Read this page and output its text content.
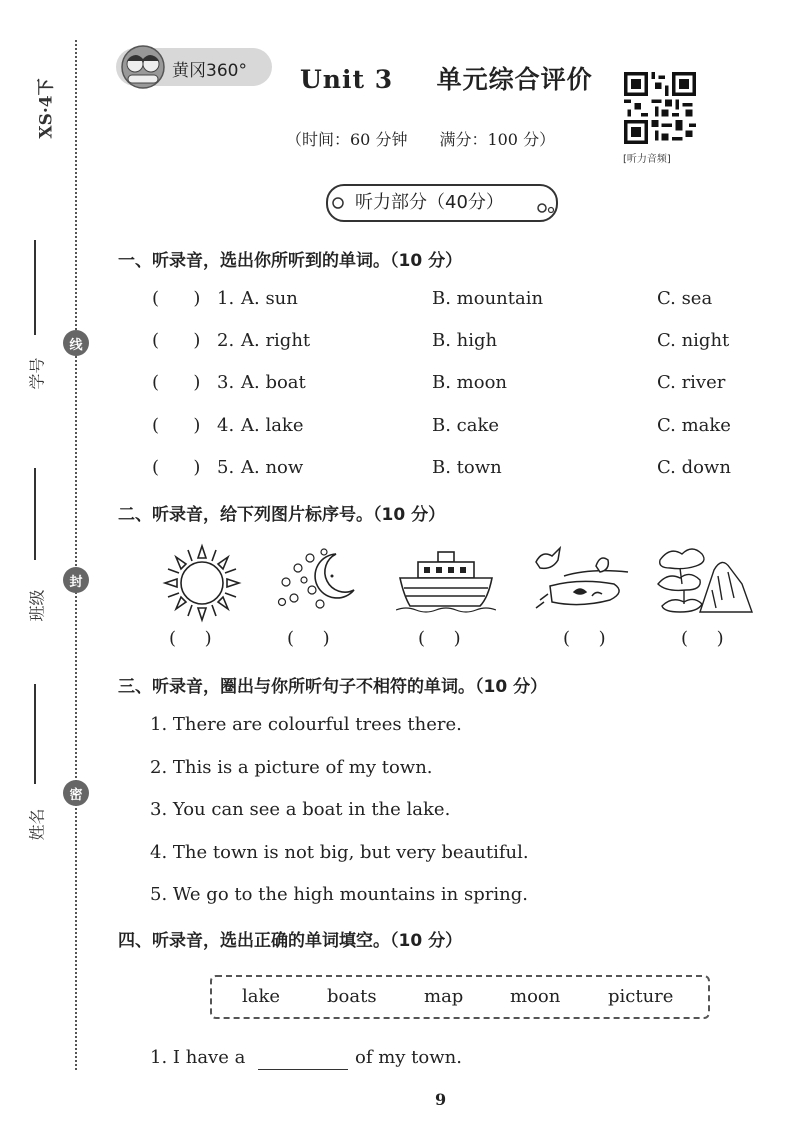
XS·4下
学号
线
班级
封
姓名
密
黄冈360° Unit 3 单元综合评价
（时间：60 分钟　　满分：100 分）
[听力音频]
听力部分（40分）
一、听录音，选出你所听到的单词。（10 分）
(      ) 1. A. sun	B. mountain	C. sea
(      ) 2. A. right	B. high	C. night
(      ) 3. A. boat	B. moon	C. river
(      ) 4. A. lake	B. cake	C. make
(      ) 5. A. now	B. town	C. down
二、听录音，给下列图片标序号。（10 分）
(     )	(     )	(     )	(     )	(     )
三、听录音，圈出与你所听句子不相符的单词。（10 分）
1. There are colourful trees there.
2. This is a picture of my town.
3. You can see a boat in the lake.
4. The town is not big, but very beautiful.
5. We go to the high mountains in spring.
四、听录音，选出正确的单词填空。（10 分）
lake	boats	map	moon	picture
1. I have a	of my town.
9
